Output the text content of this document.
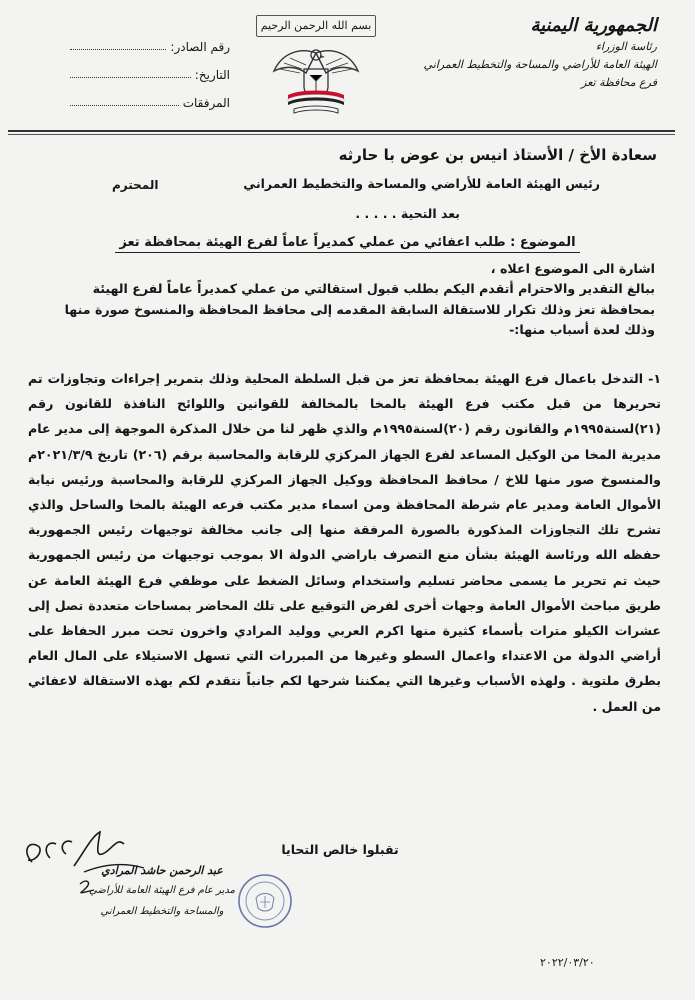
الجمهورية اليمنية
رئاسة الوزراء
الهيئة العامة للأراضي والمساحة والتخطيط العمراني
فرع محافظة تعز
بسم الله الرحمن الرحيم
رقم الصادر:
التاريخ:
المرفقات
سعادة الأخ / الأستاذ انيس بن عوض با حارثه
رئيس الهيئة العامة للأراضي والمساحة والتخطيط العمراني
المحترم
بعد التحية . . . . .
الموضوع : طلب اعفائي من عملي كمديراً عاماً لفرع الهيئة بمحافظة تعز

اشارة الى الموضوع اعلاه ،

ببالغ التقدير والاحترام أتقدم اليكم بطلب قبول استقالتي من عملي كمديراً عاماً لفرع الهيئة

بمحافظة تعز وذلك تكرار للاستقالة السابقة المقدمه إلى محافظ المحافظة والمنسوخ صورة منها

وذلك لعدة أسباب منها:-

١- التدخل باعمال فرع الهيئة بمحافظة تعز من قبل السلطة المحلية وذلك بتمرير إجراءات وتجاوزات تم تحريرها من قبل مكتب فرع الهيئة بالمخا بالمخالفة للقوانين واللوائح النافذة للقانون رقم (٢١)لسنة١٩٩٥م والقانون رقم (٢٠)لسنة١٩٩٥م والذي ظهر لنا من خلال المذكرة الموجهة إلى مدير عام مديرية المخا من الوكيل المساعد لفرع الجهاز المركزي للرقابة والمحاسبة برقم (٢٠٦) تاريخ ٢٠٢١/٣/٩م والمنسوخ صور منها للاخ / محافظ المحافظة ووكيل الجهاز المركزي للرقابة والمحاسبة ورئيس نيابة الأموال العامة ومدير عام شرطة المحافظة ومن اسماء مدير مكتب فرعه الهيئة بالمخا والساحل والذي تشرح تلك التجاوزات المذكورة بالصورة المرفقة منها إلى جانب مخالفة توجيهات رئيس الجمهورية حفظه الله ورئاسة الهيئة بشأن منع التصرف باراضي الدولة الا بموجب توجيهات من رئيس الجمهورية حيث تم تحرير ما يسمى محاضر تسليم واستخدام وسائل الضغط على موظفي فرع الهيئة العامة عن طريق مباحث الأموال العامة وجهات أخرى لفرض التوقيع على تلك المحاضر بمساحات متعددة تصل إلى عشرات الكيلو مترات بأسماء كثيرة منها اكرم العربي ووليد المرادي واخرون تحت مبرر الحفاظ على أراضي الدولة من الاعتداء واعمال السطو وغيرها من المبررات التي تسهل الاستيلاء على المال العام بطرق ملتوية . ولهذه الأسباب وغيرها التي يمكننا شرحها لكم جانباً نتقدم لكم بهذه الاستقالة لاعفائي من العمل .
تقبلوا خالص التحايا
عبد الرحمن حاشد المرادي
مدير عام فرع الهيئة العامة للأراضي
والمساحة والتخطيط العمراني
٢٠٢٢/٠٣/٢٠
